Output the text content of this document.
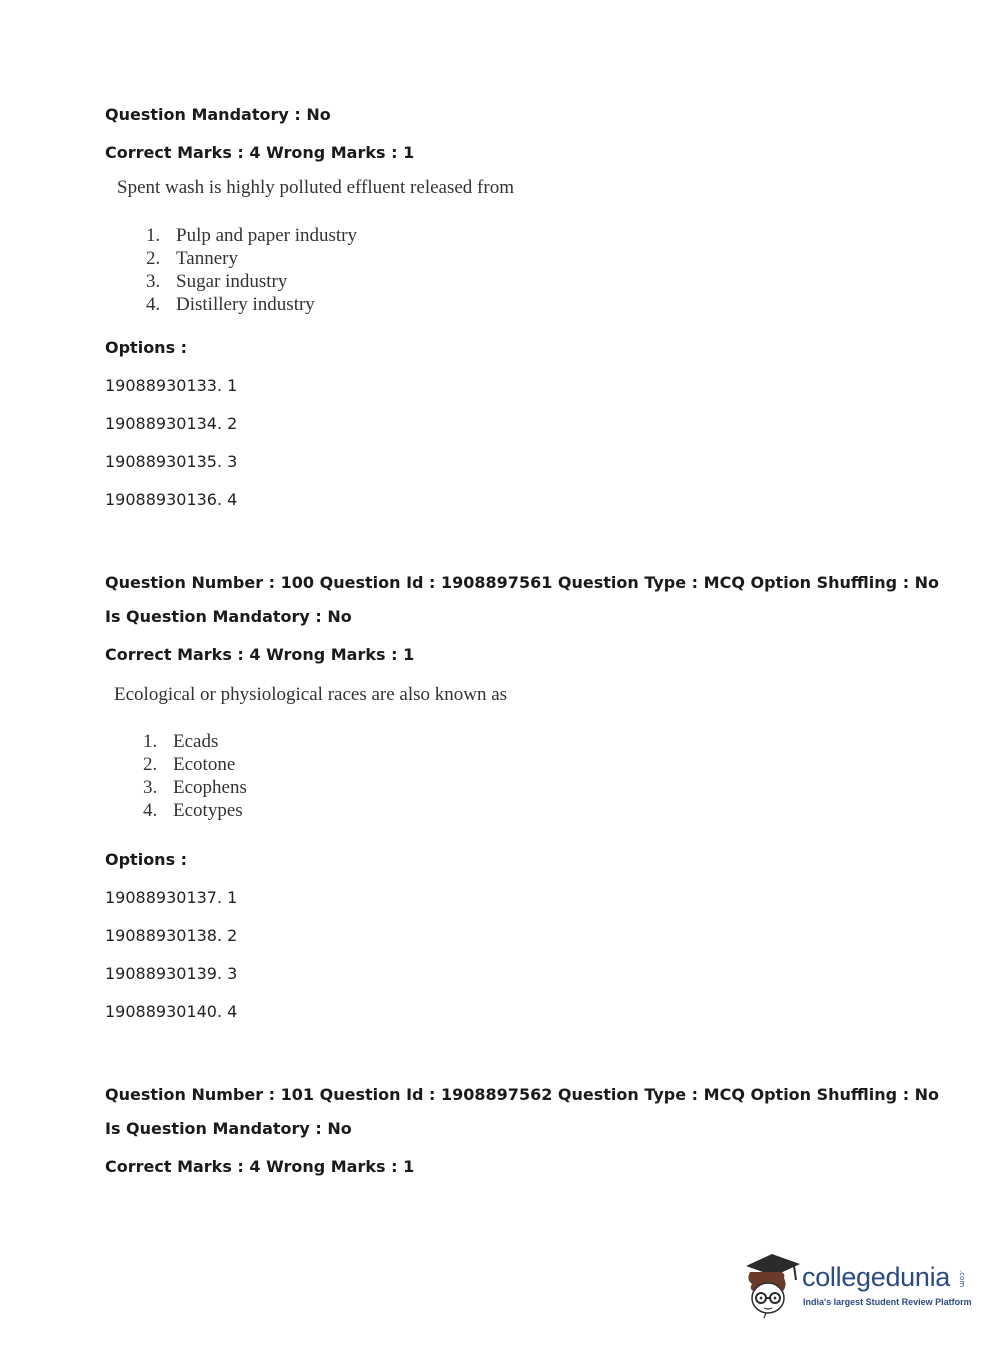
Question Mandatory : No
Correct Marks : 4 Wrong Marks : 1
Spent wash is highly polluted effluent released from
1. Pulp and paper industry
2. Tannery
3. Sugar industry
4. Distillery industry
Options :
19088930133. 1
19088930134. 2
19088930135. 3
19088930136. 4
Question Number : 100 Question Id : 1908897561 Question Type : MCQ Option Shuffling : No
Is Question Mandatory : No
Correct Marks : 4 Wrong Marks : 1
Ecological or physiological races are also known as
1. Ecads
2. Ecotone
3. Ecophens
4. Ecotypes
Options :
19088930137. 1
19088930138. 2
19088930139. 3
19088930140. 4
Question Number : 101 Question Id : 1908897562 Question Type : MCQ Option Shuffling : No
Is Question Mandatory : No
Correct Marks : 4 Wrong Marks : 1
collegedunia .com
India's largest Student Review Platform
